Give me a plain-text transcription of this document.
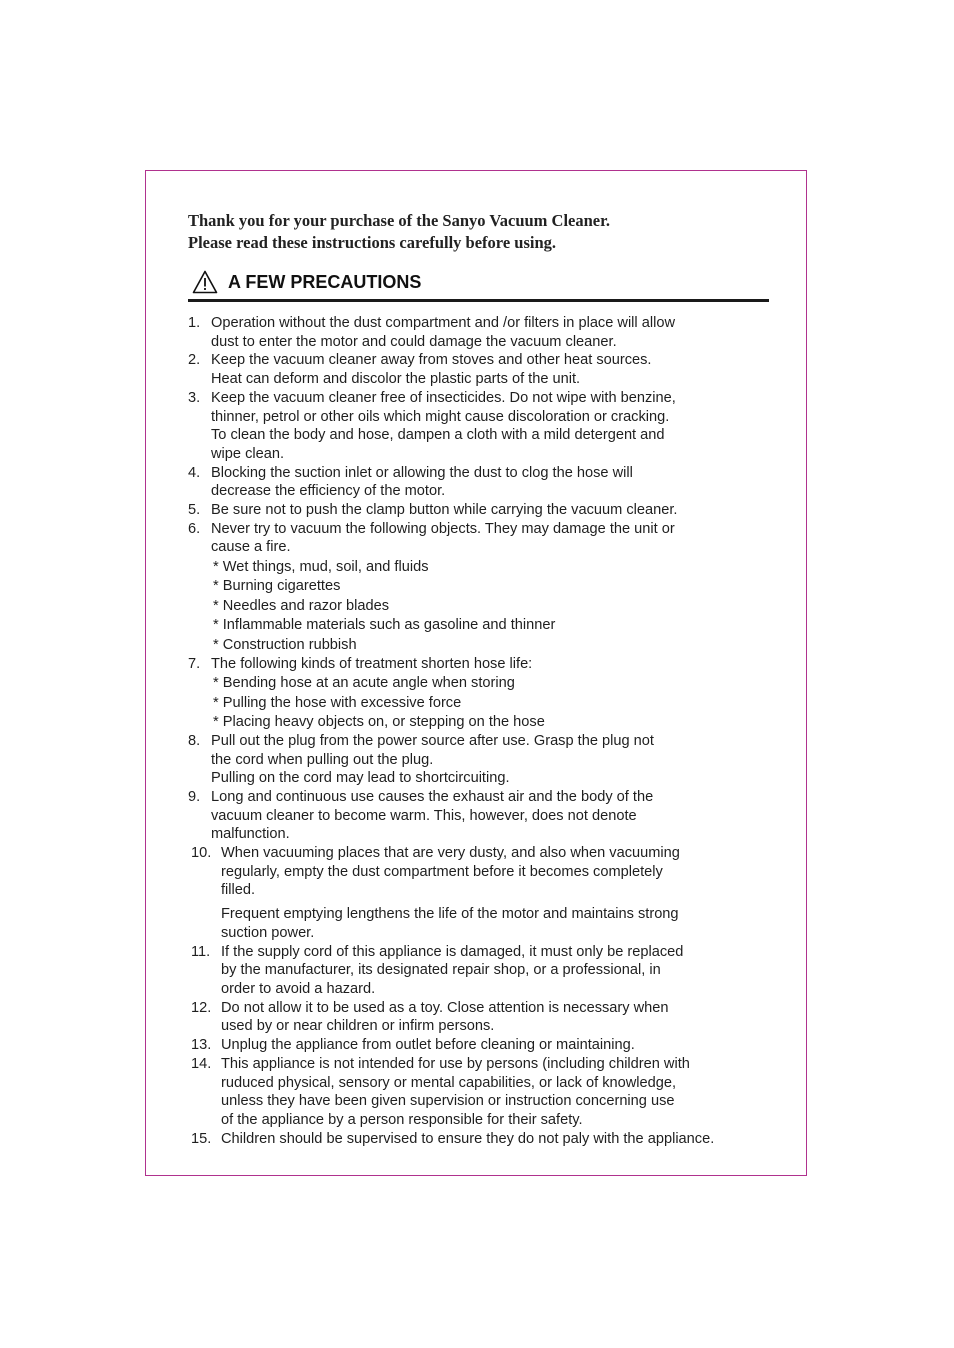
Thank you for your purchase of the Sanyo Vacuum Cleaner.
Please read these instructions carefully before using.
A FEW PRECAUTIONS
1. Operation without the dust compartment and /or filters in place will allow
dust to enter the motor and could damage the vacuum cleaner.
2. Keep the vacuum cleaner away from stoves and other heat sources.
Heat can deform and discolor the plastic parts of the unit.
3. Keep the vacuum cleaner free of insecticides. Do not wipe with benzine,
thinner, petrol or other oils which might cause discoloration or cracking.
To clean the body and hose, dampen a cloth with a mild detergent and
wipe clean.
4. Blocking the suction inlet or allowing the dust to clog the hose will
decrease the efficiency of the motor.
5. Be sure not to push the clamp button while carrying the vacuum cleaner.
6. Never try to vacuum the following objects. They may damage the unit or
cause a fire.
* Wet things, mud, soil, and fluids
* Burning cigarettes
* Needles and razor blades
* Inflammable materials such as gasoline and thinner
* Construction rubbish
7. The following kinds of treatment shorten hose life:
* Bending hose at an acute angle when storing
* Pulling the hose with excessive force
* Placing heavy objects on, or stepping on the hose
8. Pull out the plug from the power source after use. Grasp the plug not
the cord when pulling out the plug.
Pulling on the cord may lead to shortcircuiting.
9. Long and continuous use causes the exhaust air and the body of the
vacuum cleaner to become warm. This, however, does not denote
malfunction.
10. When vacuuming places that are very dusty, and also when vacuuming
regularly, empty the dust compartment before it becomes completely
filled.
Frequent emptying lengthens the life of the motor and maintains strong
suction power.
11. If the supply cord of this appliance is damaged, it must only be replaced
by the manufacturer, its designated repair shop, or a professional, in
order to avoid a hazard.
12. Do not allow it to be used as a toy. Close attention is necessary when
used by or near children or infirm persons.
13. Unplug the appliance from outlet before cleaning or maintaining.
14. This appliance is not intended for use by persons (including children with
ruduced physical, sensory or mental capabilities, or lack of knowledge,
unless they have been given supervision or instruction concerning use
of the appliance by a person responsible for their safety.
15. Children should be supervised to ensure they do not paly with the appliance.
